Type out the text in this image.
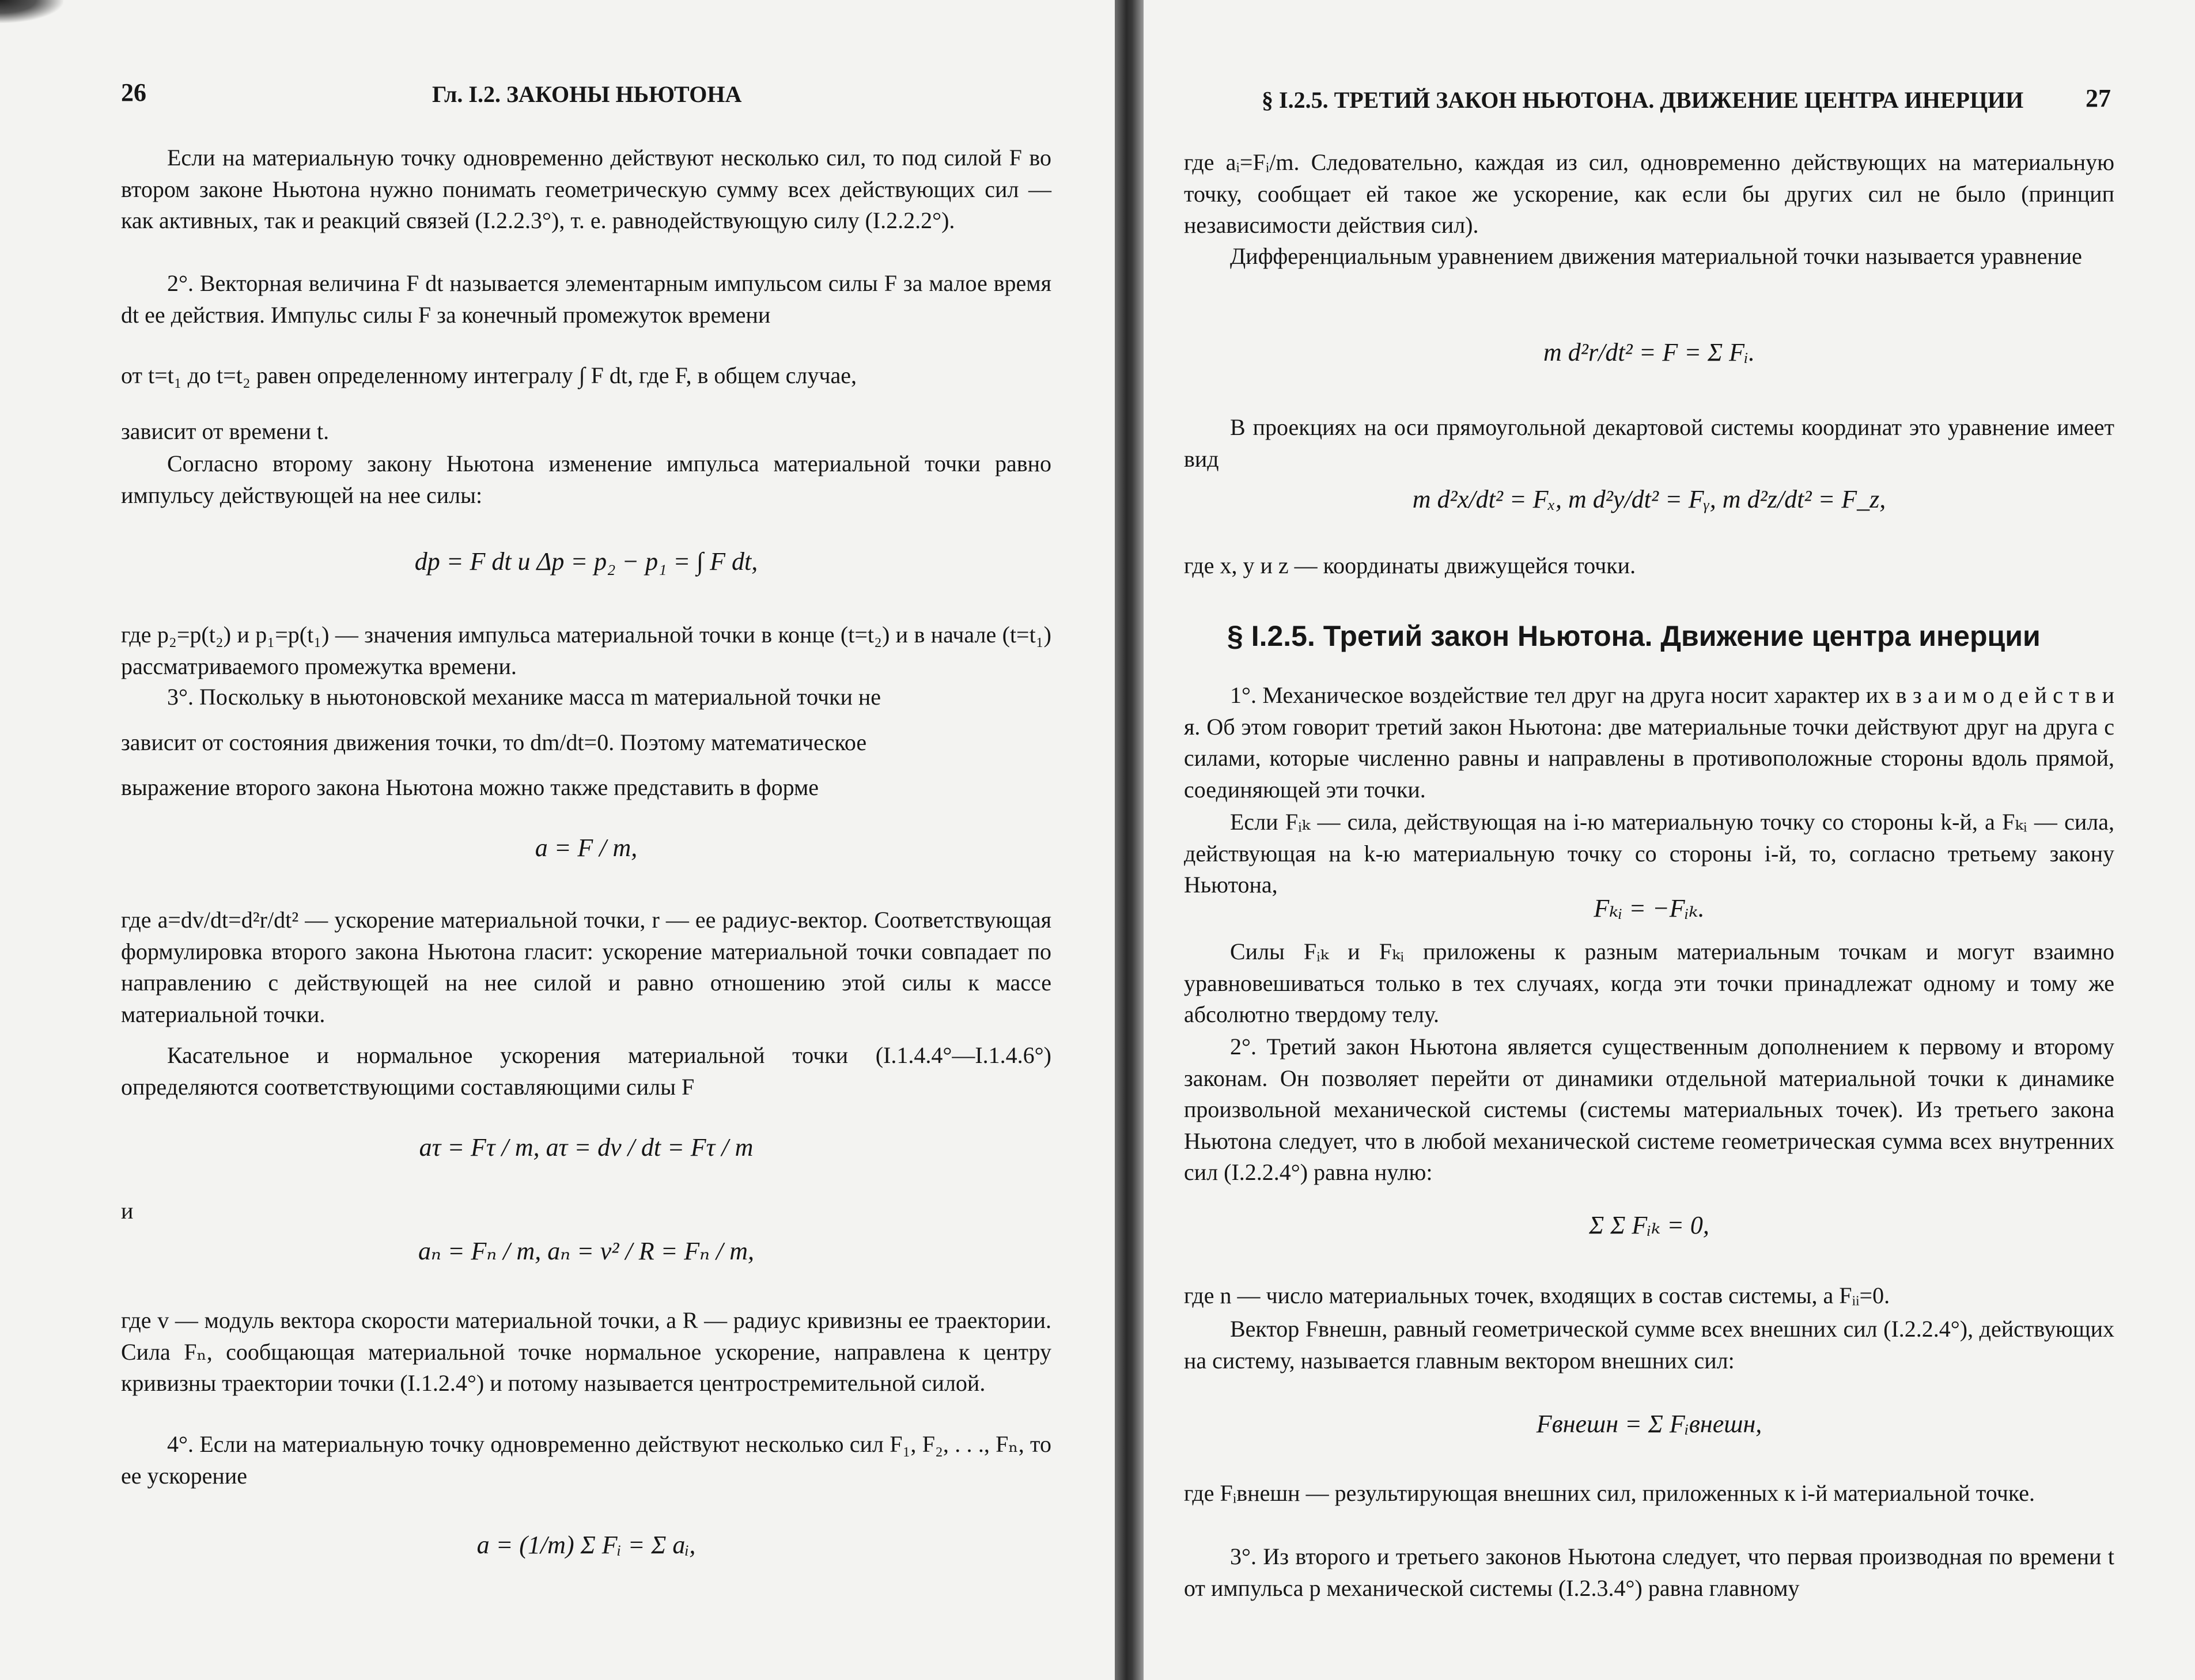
26	Гл. I.2. ЗАКОНЫ НЬЮТОНА

Если на материальную точку одновременно действуют несколько сил, то под силой F во втором законе Ньютона нужно понимать геометрическую сумму всех действующих сил — как активных, так и реакций связей (I.2.2.3°), т. е. равнодействующую силу (I.2.2.2°).

2°. Векторная величина F dt называется элементарным импульсом силы F за малое время dt ее действия. Импульс силы F за конечный промежуток времени

от t=t₁ до t=t₂ равен определенному интегралу ∫ F dt, где F, в общем случае,

зависит от времени t.

Согласно второму закону Ньютона изменение импульса материальной точки равно импульсу действующей на нее силы:

dp = F dt и Δp = p₂ − p₁ = ∫ F dt,

где p₂=p(t₂) и p₁=p(t₁) — значения импульса материальной точки в конце (t=t₂) и в начале (t=t₁) рассматриваемого промежутка времени.

3°. Поскольку в ньютоновской механике масса m материальной точки не

зависит от состояния движения точки, то dm/dt=0. Поэтому математическое

выражение второго закона Ньютона можно также представить в форме

a = F / m,

где a=dv/dt=d²r/dt² — ускорение материальной точки, r — ее радиус-вектор. Соответствующая формулировка второго закона Ньютона гласит: ускорение материальной точки совпадает по направлению с действующей на нее силой и равно отношению этой силы к массе материальной точки.

Касательное и нормальное ускорения материальной точки (I.1.4.4°—I.1.4.6°) определяются соответствующими составляющими силы F

aτ = Fτ / m, aτ = dv / dt = Fτ / m

и

aₙ = Fₙ / m, aₙ = v² / R = Fₙ / m,

где v — модуль вектора скорости материальной точки, а R — радиус кривизны ее траектории. Сила Fₙ, сообщающая материальной точке нормальное ускорение, направлена к центру кривизны траектории точки (I.1.2.4°) и потому называется центростремительной силой.

4°. Если на материальную точку одновременно действуют несколько сил F₁, F₂, . . ., Fₙ, то ее ускорение

a = (1/m) Σ Fᵢ = Σ aᵢ,

§ I.2.5. ТРЕТИЙ ЗАКОН НЬЮТОНА. ДВИЖЕНИЕ ЦЕНТРА ИНЕРЦИИ 27

где aᵢ=Fᵢ/m. Следовательно, каждая из сил, одновременно действующих на материальную точку, сообщает ей такое же ускорение, как если бы других сил не было (принцип независимости действия сил).

Дифференциальным уравнением движения материальной точки называется уравнение

m d²r/dt² = F = Σ Fᵢ.

В проекциях на оси прямоугольной декартовой системы координат это уравнение имеет вид

m d²x/dt² = Fₓ, m d²y/dt² = Fᵧ, m d²z/dt² = F_z,

где x, y и z — координаты движущейся точки.

§ I.2.5. Третий закон Ньютона. Движение центра инерции

1°. Механическое воздействие тел друг на друга носит характер их в з а и м о д е й с т в и я. Об этом говорит третий закон Ньютона: две материальные точки действуют друг на друга с силами, которые численно равны и направлены в противоположные стороны вдоль прямой, соединяющей эти точки.

Если Fᵢₖ — сила, действующая на i-ю материальную точку со стороны k-й, а Fₖᵢ — сила, действующая на k-ю материальную точку со стороны i-й, то, согласно третьему закону Ньютона,

Fₖᵢ = −Fᵢₖ.

Силы Fᵢₖ и Fₖᵢ приложены к разным материальным точкам и могут взаимно уравновешиваться только в тех случаях, когда эти точки принадлежат одному и тому же абсолютно твердому телу.

2°. Третий закон Ньютона является существенным дополнением к первому и второму законам. Он позволяет перейти от динамики отдельной материальной точки к динамике произвольной механической системы (системы материальных точек). Из третьего закона Ньютона следует, что в любой механической системе геометрическая сумма всех внутренних сил (I.2.2.4°) равна нулю:

Σ Σ Fᵢₖ = 0,

где n — число материальных точек, входящих в состав системы, а Fᵢᵢ=0.

Вектор Fвнешн, равный геометрической сумме всех внешних сил (I.2.2.4°), действующих на систему, называется главным вектором внешних сил:

Fвнешн = Σ Fᵢвнешн,

где Fᵢвнешн — результирующая внешних сил, приложенных к i-й материальной точке.

3°. Из второго и третьего законов Ньютона следует, что первая производная по времени t от импульса p механической системы (I.2.3.4°) равна главному
